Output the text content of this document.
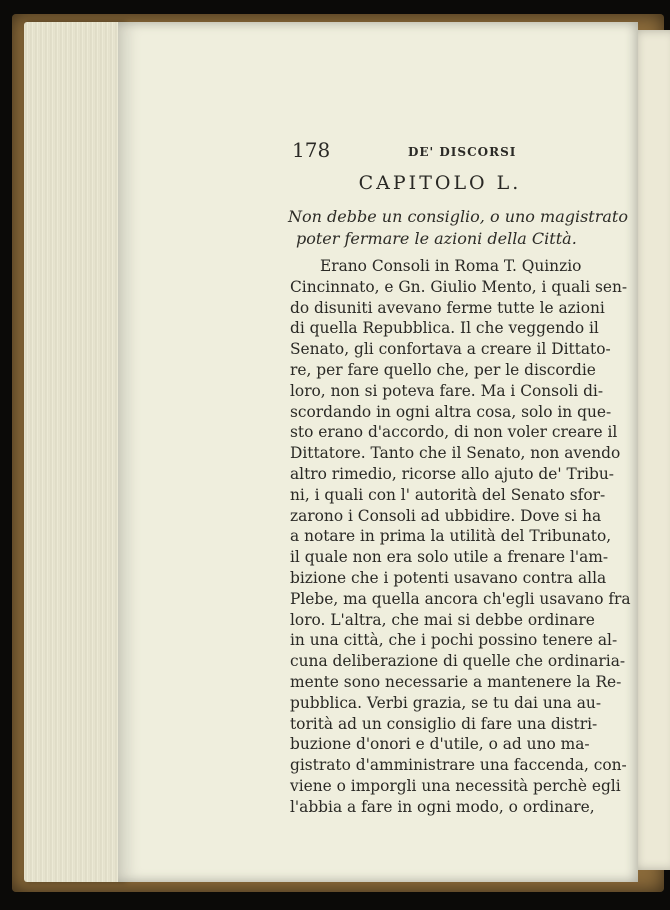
178	DE' DISCORSI
CAPITOLO L.
Non debbe un consiglio, o uno magistrato
poter fermare le azioni della Città.
Erano Consoli in Roma T. Quinzio
Cincinnato, e Gn. Giulio Mento, i quali sen-
do disuniti avevano ferme tutte le azioni
di quella Repubblica. Il che veggendo il
Senato, gli confortava a creare il Dittato-
re, per fare quello che, per le discordie
loro, non si poteva fare. Ma i Consoli di-
scordando in ogni altra cosa, solo in que-
sto erano d'accordo, di non voler creare il
Dittatore. Tanto che il Senato, non avendo
altro rimedio, ricorse allo ajuto de' Tribu-
ni, i quali con l' autorità del Senato sfor-
zarono i Consoli ad ubbidire. Dove si ha
a notare in prima la utilità del Tribunato,
il quale non era solo utile a frenare l'am-
bizione che i potenti usavano contra alla
Plebe, ma quella ancora ch'egli usavano fra
loro. L'altra, che mai si debbe ordinare
in una città, che i pochi possino tenere al-
cuna deliberazione di quelle che ordinaria-
mente sono necessarie a mantenere la Re-
pubblica. Verbi grazia, se tu dai una au-
torità ad un consiglio di fare una distri-
buzione d'onori e d'utile, o ad uno ma-
gistrato d'amministrare una faccenda, con-
viene o imporgli una necessità perchè egli
l'abbia a fare in ogni modo, o ordinare,
